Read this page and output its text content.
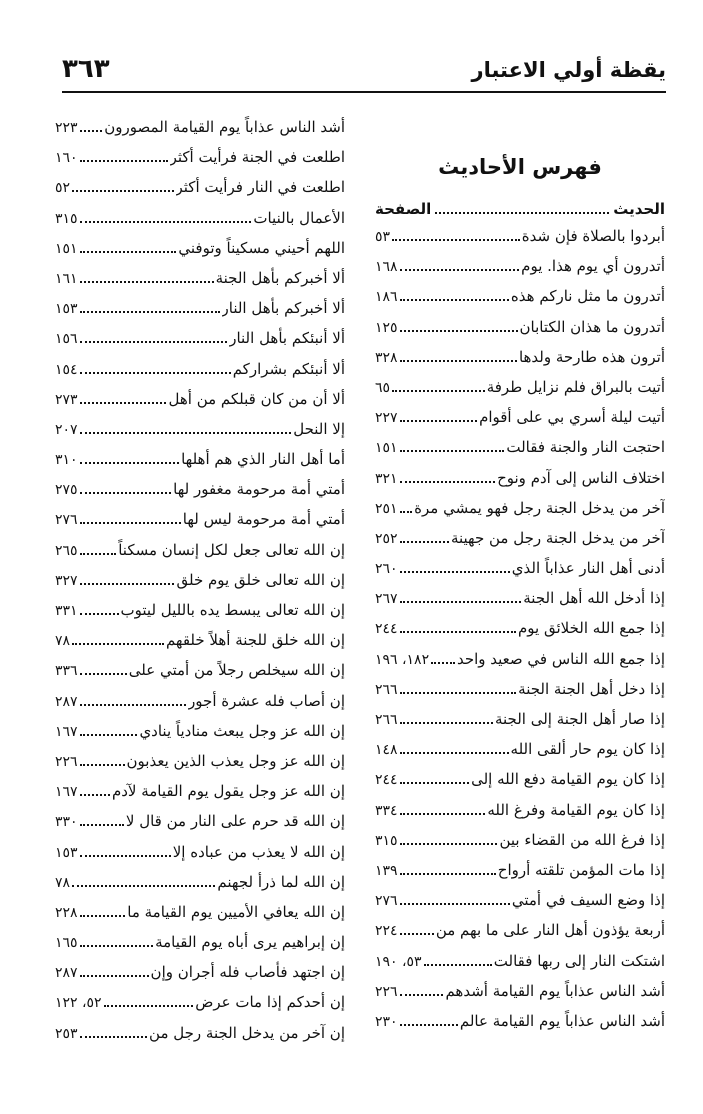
يقظة أولي الاعتبار
٣٦٣
فهرس الأحاديث
الحديث
الصفحة
أبردوا بالصلاة فإن شدة
٥٣
أتدرون أي يوم هذا. يوم
١٦٨
أتدرون ما مثل ناركم هذه
١٨٦
أتدرون ما هذان الكتابان
١٢٥
أترون هذه طارحة ولدها
٣٢٨
أتيت بالبراق فلم نزايل طرفة
٦٥
أتيت ليلة أسري بي على أقوام
٢٢٧
احتجت النار والجنة فقالت
١٥١
اختلاف الناس إلى آدم ونوح
٣٢١
آخر من يدخل الجنة رجل فهو يمشي مرة
٢٥١
آخر من يدخل الجنة رجل من جهينة
٢٥٢
أدنى أهل النار عذاباً الذي
٢٦٠
إذا أدخل الله أهل الجنة
٢٦٧
إذا جمع الله الخلائق يوم
٢٤٤
إذا جمع الله الناس في صعيد واحد
١٨٢، ١٩٦
إذا دخل أهل الجنة الجنة
٢٦٦
إذا صار أهل الجنة إلى الجنة
٢٦٦
إذا كان يوم حار ألقى الله
١٤٨
إذا كان يوم القيامة دفع الله إلى
٢٤٤
إذا كان يوم القيامة وفرغ الله
٣٣٤
إذا فرغ الله من القضاء بين
٣١٥
إذا مات المؤمن تلقته أرواح
١٣٩
إذا وضع السيف في أمتي
٢٧٦
أربعة يؤذون أهل النار على ما بهم من
٢٢٤
اشتكت النار إلى ربها فقالت
٥٣، ١٩٠
أشد الناس عذاباً يوم القيامة أشدهم
٢٢٦
أشد الناس عذاباً يوم القيامة عالم
٢٣٠
أشد الناس عذاباً يوم القيامة المصورون
٢٢٣
اطلعت في الجنة فرأيت أكثر
١٦٠
اطلعت في النار فرأيت أكثر
٥٢
الأعمال بالنيات
٣١٥
اللهم أحيني مسكيناً وتوفني
١٥١
ألا أخبركم بأهل الجنة
١٦١
ألا أخبركم بأهل النار
١٥٣
ألا أنبئكم بأهل النار
١٥٦
ألا أنبئكم بشراركم
١٥٤
ألا أن من كان قبلكم من أهل
٢٧٣
إلا النحل
٢٠٧
أما أهل النار الذي هم أهلها
٣١٠
أمتي أمة مرحومة مغفور لها
٢٧٥
أمتي أمة مرحومة ليس لها
٢٧٦
إن الله تعالى جعل لكل إنسان مسكناً
٢٦٥
إن الله تعالى خلق يوم خلق
٣٢٧
إن الله تعالى يبسط يده بالليل ليتوب
٣٣١
إن الله خلق للجنة أهلاً خلقهم
٧٨
إن الله سيخلص رجلاً من أمتي على
٣٣٦
إن أصاب فله عشرة أجور
٢٨٧
إن الله عز وجل يبعث منادياً ينادي
١٦٧
إن الله عز وجل يعذب الذين يعذبون
٢٢٦
إن الله عز وجل يقول يوم القيامة لآدم
١٦٧
إن الله قد حرم على النار من قال لا
٣٣٠
إن الله لا يعذب من عباده إلا
١٥٣
إن الله لما ذرأ لجهنم
٧٨
إن الله يعافي الأميين يوم القيامة ما
٢٢٨
إن إبراهيم يرى أباه يوم القيامة
١٦٥
إن اجتهد فأصاب فله أجران وإن
٢٨٧
إن أحدكم إذا مات عرض
٥٢، ١٢٢
إن آخر من يدخل الجنة رجل من
٢٥٣
